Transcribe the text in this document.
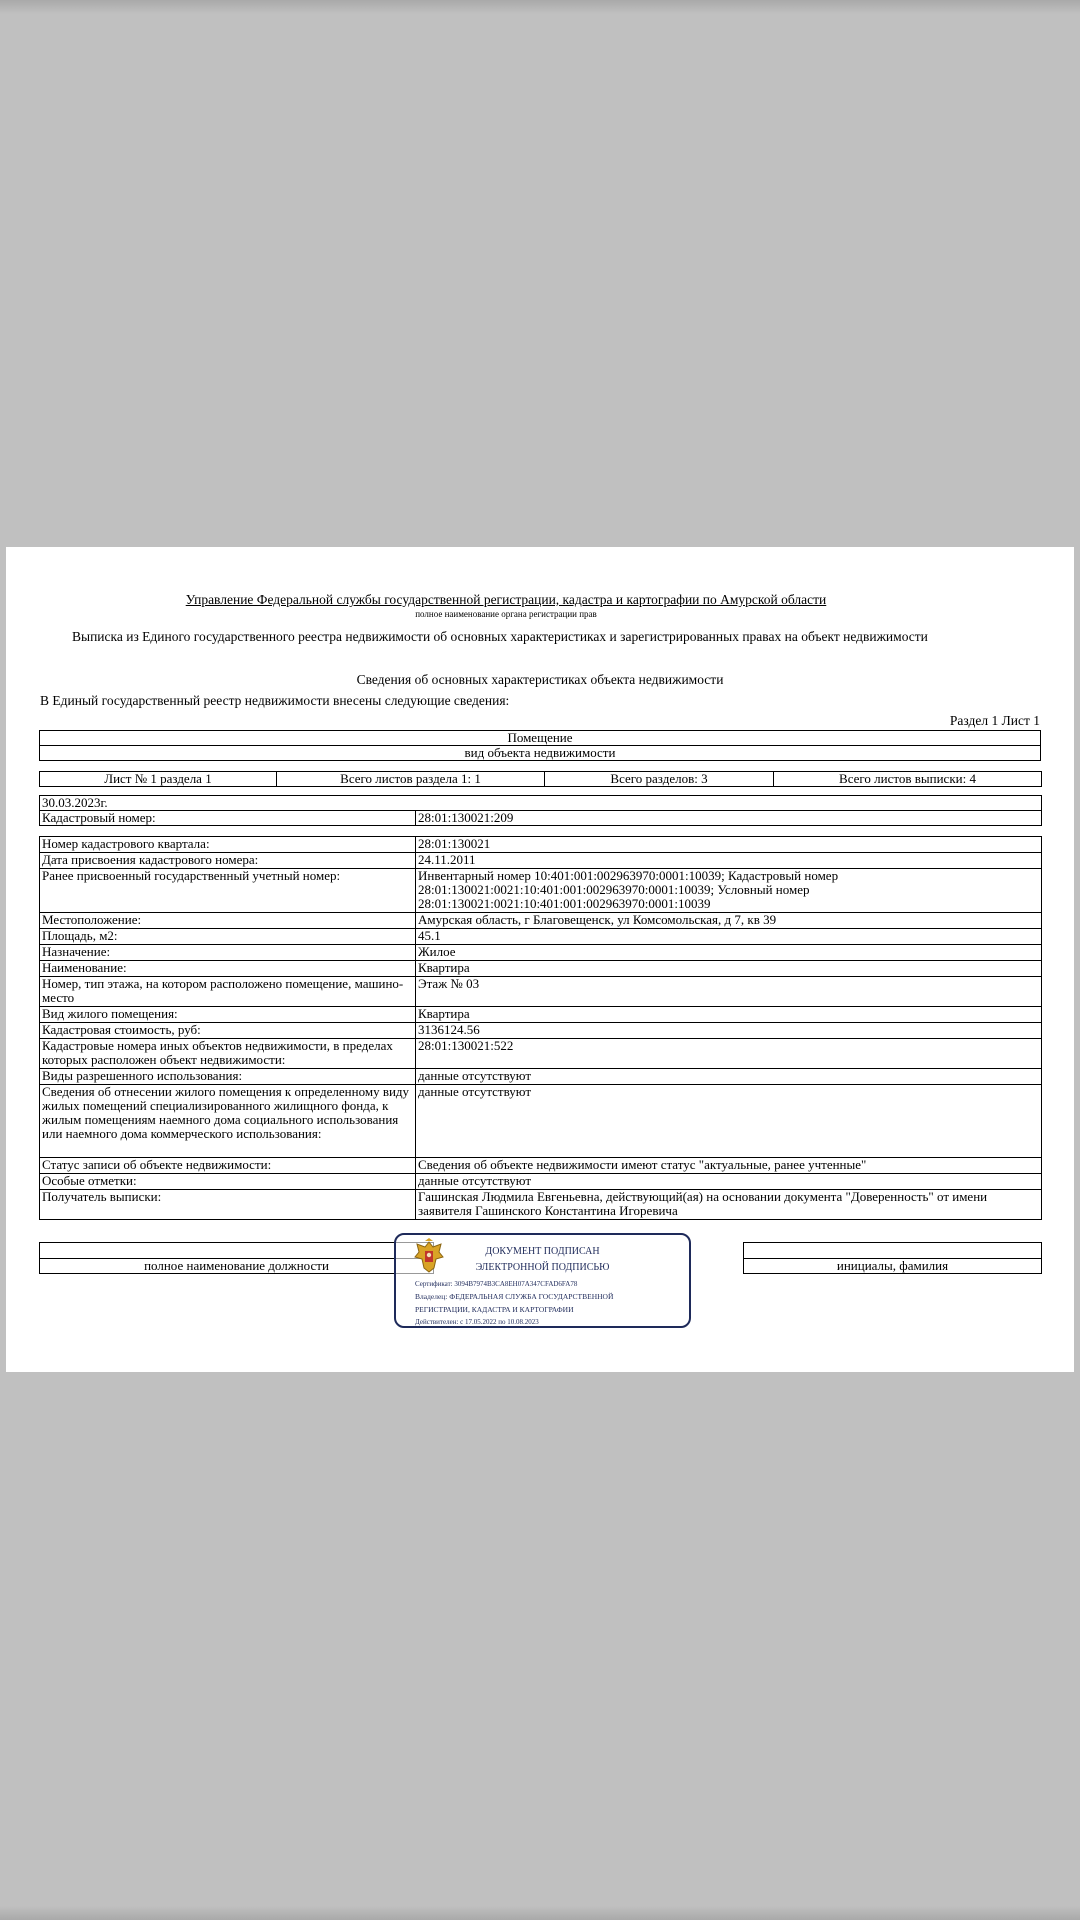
Управление Федеральной службы государственной регистрации, кадастра и картографии по Амурской области
полное наименование органа регистрации прав
Выписка из Единого государственного реестра недвижимости об основных характеристиках и зарегистрированных правах на объект недвижимости
Сведения об основных характеристиках объекта недвижимости
В Единый государственный реестр недвижимости внесены следующие сведения:
Раздел 1 Лист 1
Помещение
вид объекта недвижимости
Лист № 1 раздела 1	Всего листов раздела 1: 1	Всего разделов: 3	Всего листов выписки: 4
30.03.2023г.
Кадастровый номер:	28:01:130021:209
Номер кадастрового квартала:	28:01:130021
Дата присвоения кадастрового номера:	24.11.2011
Ранее присвоенный государственный учетный номер:	Инвентарный номер 10:401:001:002963970:0001:10039; Кадастровый номер 28:01:130021:0021:10:401:001:002963970:0001:10039; Условный номер 28:01:130021:0021:10:401:001:002963970:0001:10039
Местоположение:	Амурская область, г Благовещенск, ул Комсомольская, д 7, кв 39
Площадь, м2:	45.1
Назначение:	Жилое
Наименование:	Квартира
Номер, тип этажа, на котором расположено помещение, машино-место	Этаж № 03
Вид жилого помещения:	Квартира
Кадастровая стоимость, руб:	3136124.56
Кадастровые номера иных объектов недвижимости, в пределах которых расположен объект недвижимости:	28:01:130021:522
Виды разрешенного использования:	данные отсутствуют
Сведения об отнесении жилого помещения к определенному виду жилых помещений специализированного жилищного фонда, к жилым помещениям наемного дома социального использования или наемного дома коммерческого использования:	данные отсутствуют
Статус записи об объекте недвижимости:	Сведения об объекте недвижимости имеют статус "актуальные, ранее учтенные"
Особые отметки:	данные отсутствуют
Получатель выписки:	Гашинская Людмила Евгеньевна, действующий(ая) на основании документа "Доверенность" от имени заявителя Гашинского Константина Игоревича

полное наименование должности		инициалы, фамилия
ДОКУМЕНТ ПОДПИСАН
ЭЛЕКТРОННОЙ ПОДПИСЬЮ
Сертификат: 3094B7974B3CA8EH07A347CFAD6FA78
Владелец: ФЕДЕРАЛЬНАЯ СЛУЖБА ГОСУДАРСТВЕННОЙ
РЕГИСТРАЦИИ, КАДАСТРА И КАРТОГРАФИИ
Действителен: с 17.05.2022 по 10.08.2023
